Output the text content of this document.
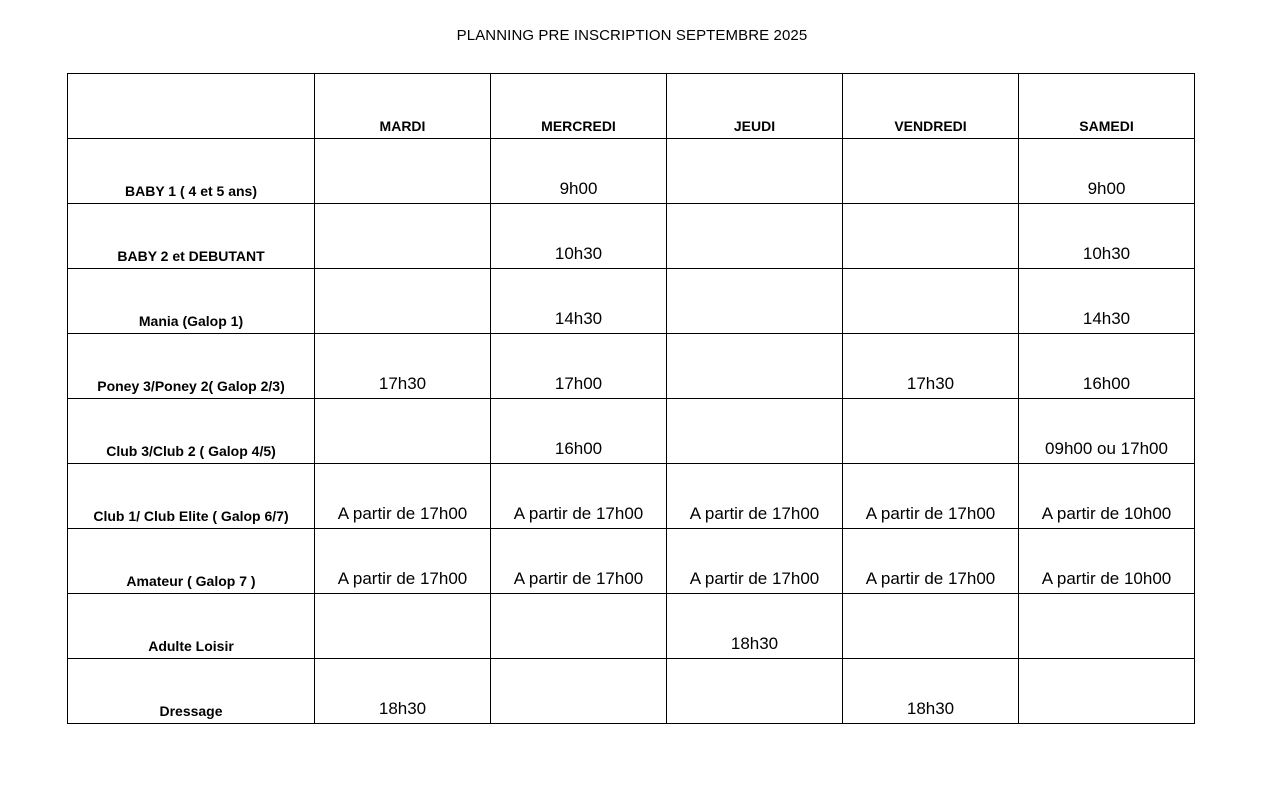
PLANNING PRE INSCRIPTION SEPTEMBRE 2025
	MARDI	MERCREDI	JEUDI	VENDREDI	SAMEDI
BABY 1 ( 4 et 5 ans)		9h00			9h00
BABY 2 et DEBUTANT		10h30			10h30
Mania (Galop 1)		14h30			14h30
Poney 3/Poney 2( Galop 2/3)	17h30	17h00		17h30	16h00
Club 3/Club 2 ( Galop 4/5)		16h00			09h00 ou 17h00
Club 1/ Club Elite ( Galop 6/7)	A partir de 17h00	A partir de 17h00	A partir de 17h00	A partir de 17h00	A partir de 10h00
Amateur ( Galop 7 )	A partir de 17h00	A partir de 17h00	A partir de 17h00	A partir de 17h00	A partir de 10h00
Adulte Loisir			18h30		
Dressage	18h30			18h30	
